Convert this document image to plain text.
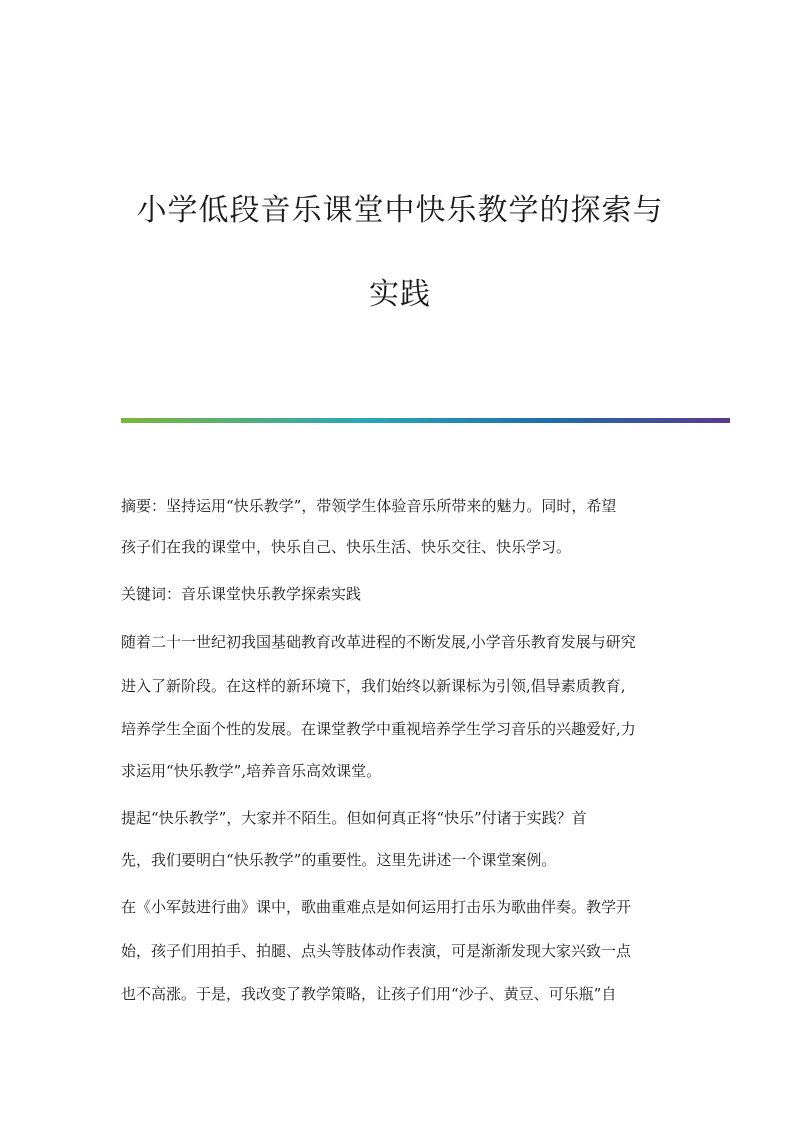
小学低段音乐课堂中快乐教学的探索与
实践

摘要：坚持运用“快乐教学”，带领学生体验音乐所带来的魅力。同时，希望

孩子们在我的课堂中，快乐自己、快乐生活、快乐交往、快乐学习。

关键词：音乐课堂快乐教学探索实践

随着二十一世纪初我国基础教育改革进程的不断发展,小学音乐教育发展与研究

进入了新阶段。在这样的新环境下，我们始终以新课标为引领,倡导素质教育,

培养学生全面个性的发展。在课堂教学中重视培养学生学习音乐的兴趣爱好,力

求运用“快乐教学”,培养音乐高效课堂。

提起“快乐教学”，大家并不陌生。但如何真正将“快乐”付诸于实践？首

先，我们要明白“快乐教学”的重要性。这里先讲述一个课堂案例。

在《小军鼓进行曲》课中，歌曲重难点是如何运用打击乐为歌曲伴奏。教学开

始，孩子们用拍手、拍腿、点头等肢体动作表演，可是渐渐发现大家兴致一点

也不高涨。于是，我改变了教学策略，让孩子们用“沙子、黄豆、可乐瓶”自
